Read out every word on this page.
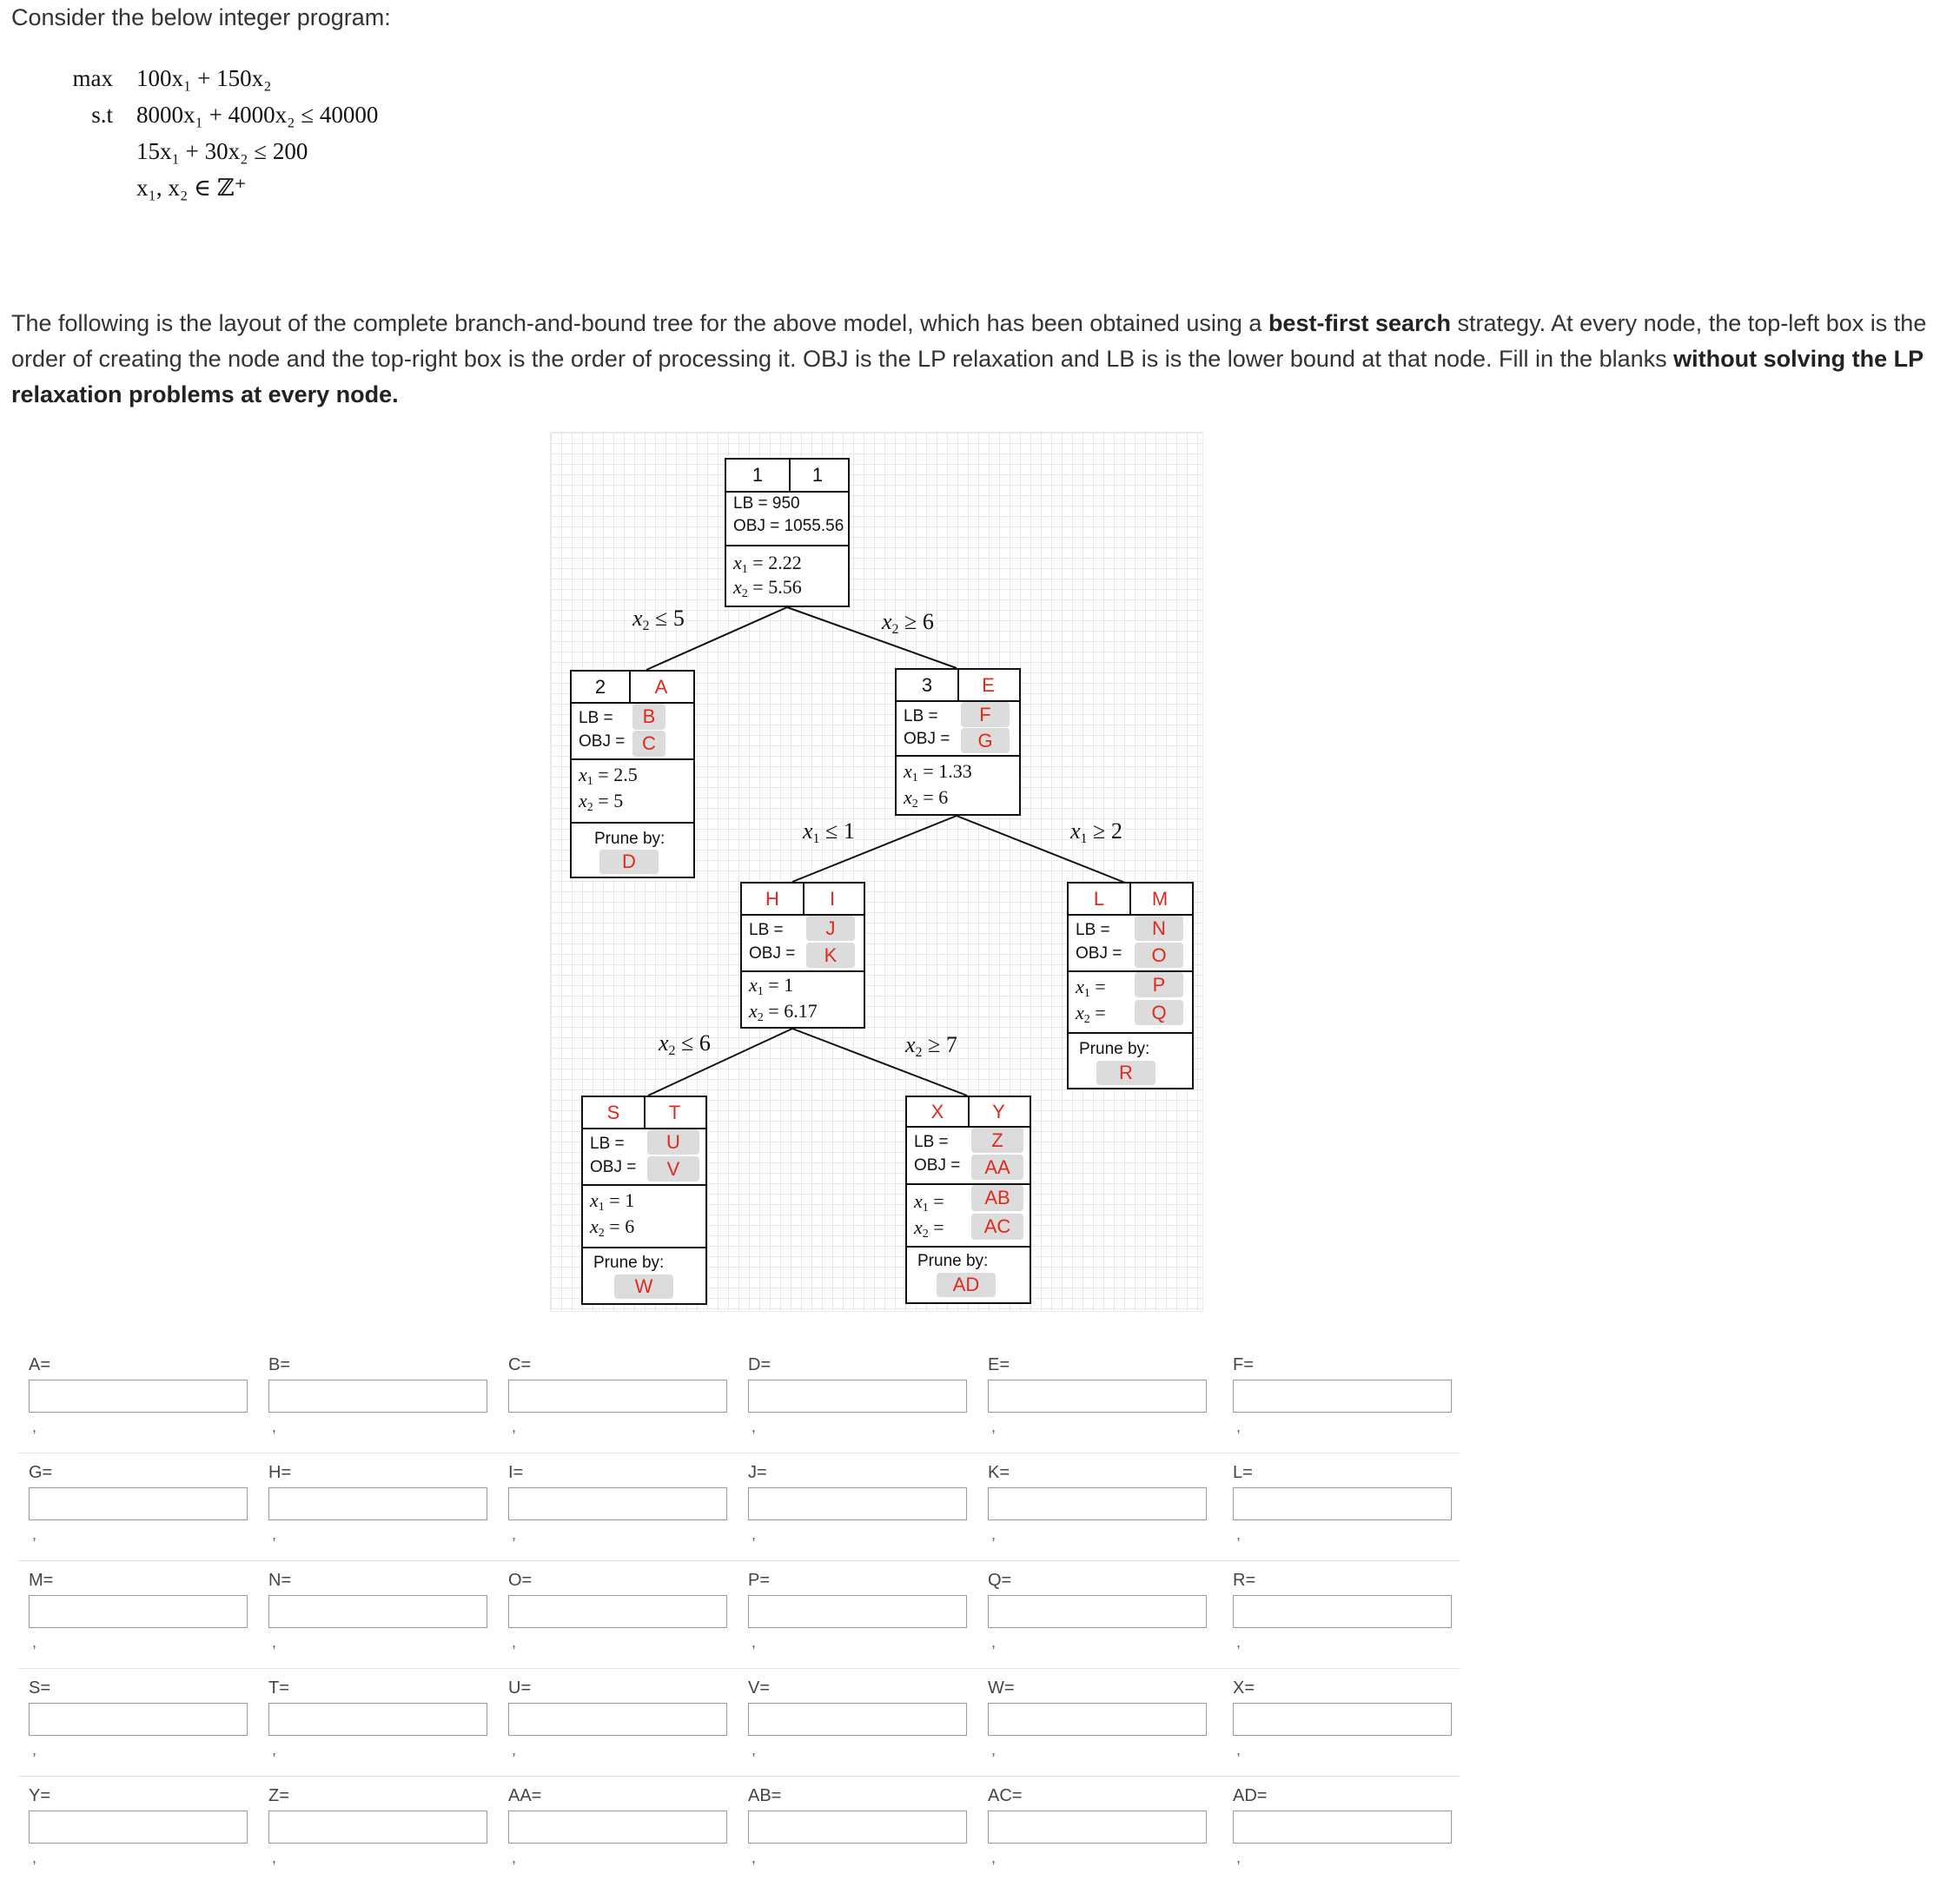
Consider the below integer program:

max 100x₁ + 150x₂
s.t 8000x₁ + 4000x₂ ≤ 40000
15x₁ + 30x₂ ≤ 200
x₁, x₂ ∈ ℤ⁺

The following is the layout of the complete branch-and-bound tree for the above model, which has been obtained using a best-first search strategy. At every node, the top-left box is the order of creating the node and the top-right box is the order of processing it. OBJ is the LP relaxation and LB is is the lower bound at that node. Fill in the blanks without solving the LP relaxation problems at every node.

1	1
LB = 950
OBJ = 1055.56
$x_1 = 2.22$
$x_2 = 5.56$
2	A
LB =
OBJ =
B
C
$x_1 = 2.5$
$x_2 = 5$
Prune by:
D
3	E
LB =
OBJ =
F
G
$x_1 = 1.33$
$x_2 = 6$
H	I
LB =
OBJ =
J
K
$x_1 = 1$
$x_2 = 6.17$
L	M
LB =
OBJ =
N
O
$x_1$ =
$x_2$ =
P
Q
Prune by:
R
S	T
LB =
OBJ =
U
V
$x_1 = 1$
$x_2 = 6$
Prune by:
W
X	Y
LB =
OBJ =
Z
AA
$x_1$ =
$x_2$ =
AB
AC
Prune by:
AD
$x_2 \le 5$	$x_2 \ge 6$
$x_1 \le 1$	$x_1 \ge 2$
$x_2 \le 6$	$x_2 \ge 7$
A=
,
B=
,
C=
,
D=
,
E=
,
F=
,
G=
,
H=
,
I=
,
J=
,
K=
,
L=
,
M=
,
N=
,
O=
,
P=
,
Q=
,
R=
,
S=
,
T=
,
U=
,
V=
,
W=
,
X=
,
Y=
,
Z=
,
AA=
,
AB=
,
AC=
,
AD=
,
